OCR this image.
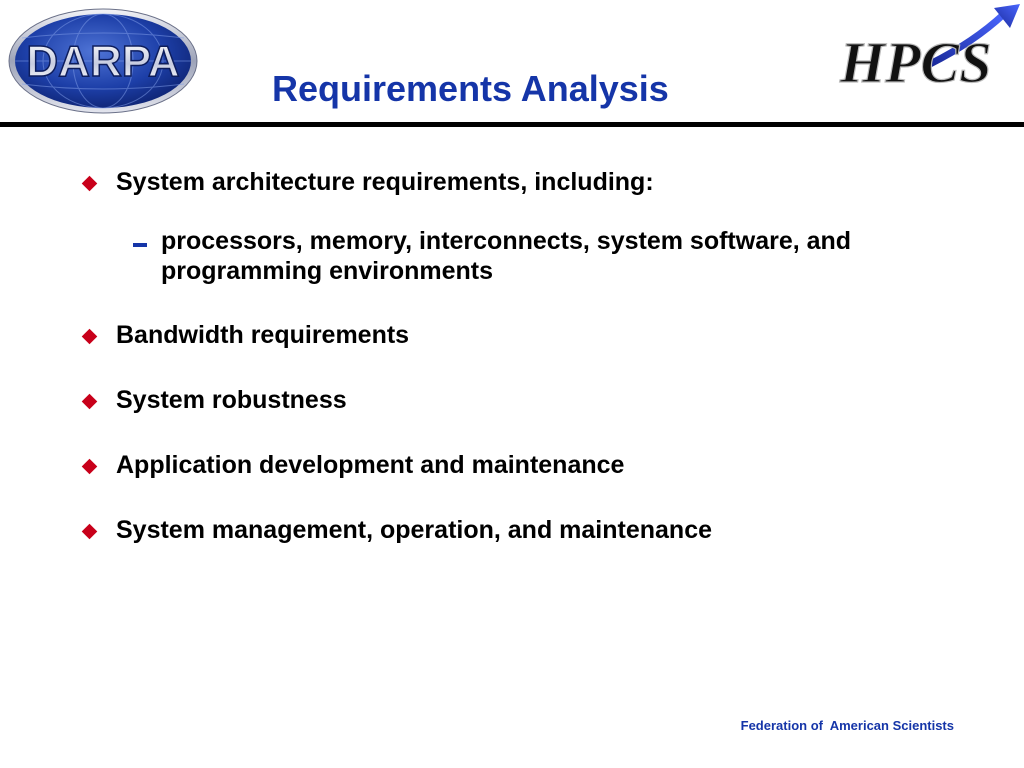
DARPA	HPCS
Requirements Analysis
System architecture requirements, including:
processors, memory, interconnects, system software, and programming environments
Bandwidth requirements
System robustness
Application development and maintenance
System management, operation, and maintenance
Federation of  American Scientists
